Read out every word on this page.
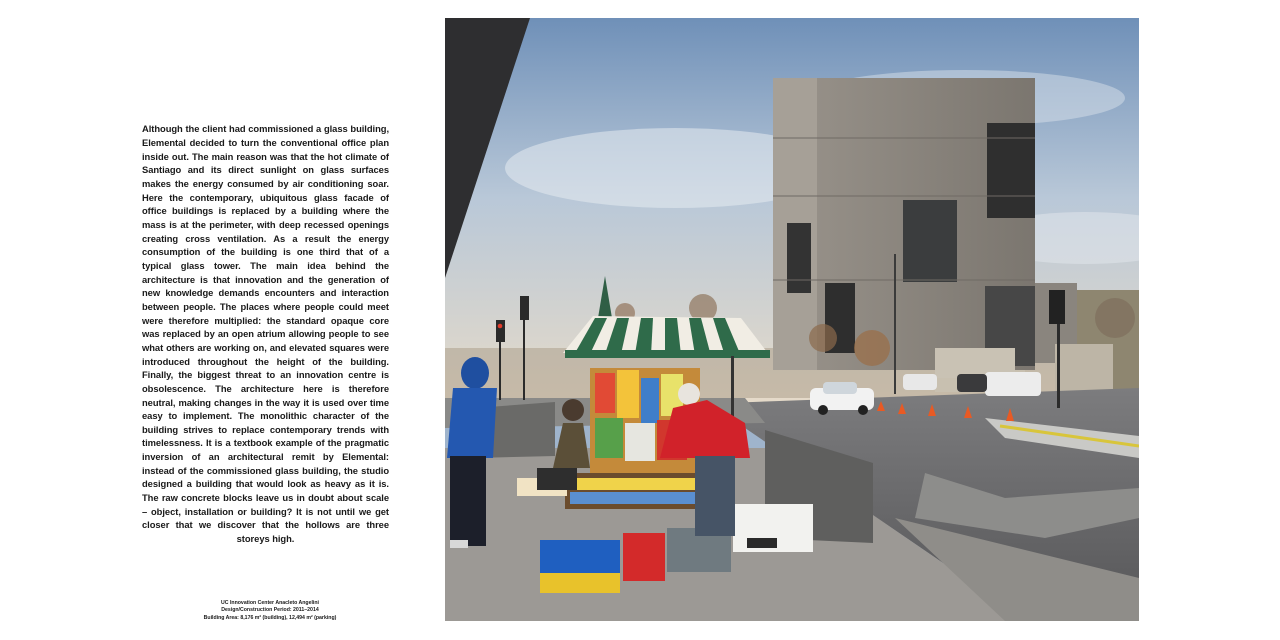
Although the client had commissioned a glass building, Elemental decided to turn the conventional office plan inside out. The main reason was that the hot climate of Santiago and its direct sunlight on glass surfaces makes the energy consumed by air conditioning soar. Here the contemporary, ubiquitous glass facade of office buildings is replaced by a building where the mass is at the perimeter, with deep recessed openings creating cross ventilation. As a result the energy consumption of the building is one third that of a typical glass tower. The main idea behind the architecture is that innovation and the generation of new knowledge demands encounters and interaction between people. The places where people could meet were therefore multiplied: the standard opaque core was replaced by an open atrium allowing people to see what others are working on, and elevated squares were introduced throughout the height of the building. Finally, the biggest threat to an innovation centre is obsolescence. The architecture here is therefore neutral, making changes in the way it is used over time easy to implement. The monolithic character of the building strives to replace contemporary trends with timelessness. It is a textbook example of the pragmatic inversion of an architectural remit by Elemental: instead of the commissioned glass building, the studio designed a building that would look as heavy as it is. The raw concrete blocks leave us in doubt about scale – object, installation or building? It is not until we get closer that we discover that the hollows are three storeys high.

UC Innovation Center Anacleto Angelini
Design/Construction Period: 2011–2014
Building Area: 8,176 m² (building), 12,494 m² (parking)
